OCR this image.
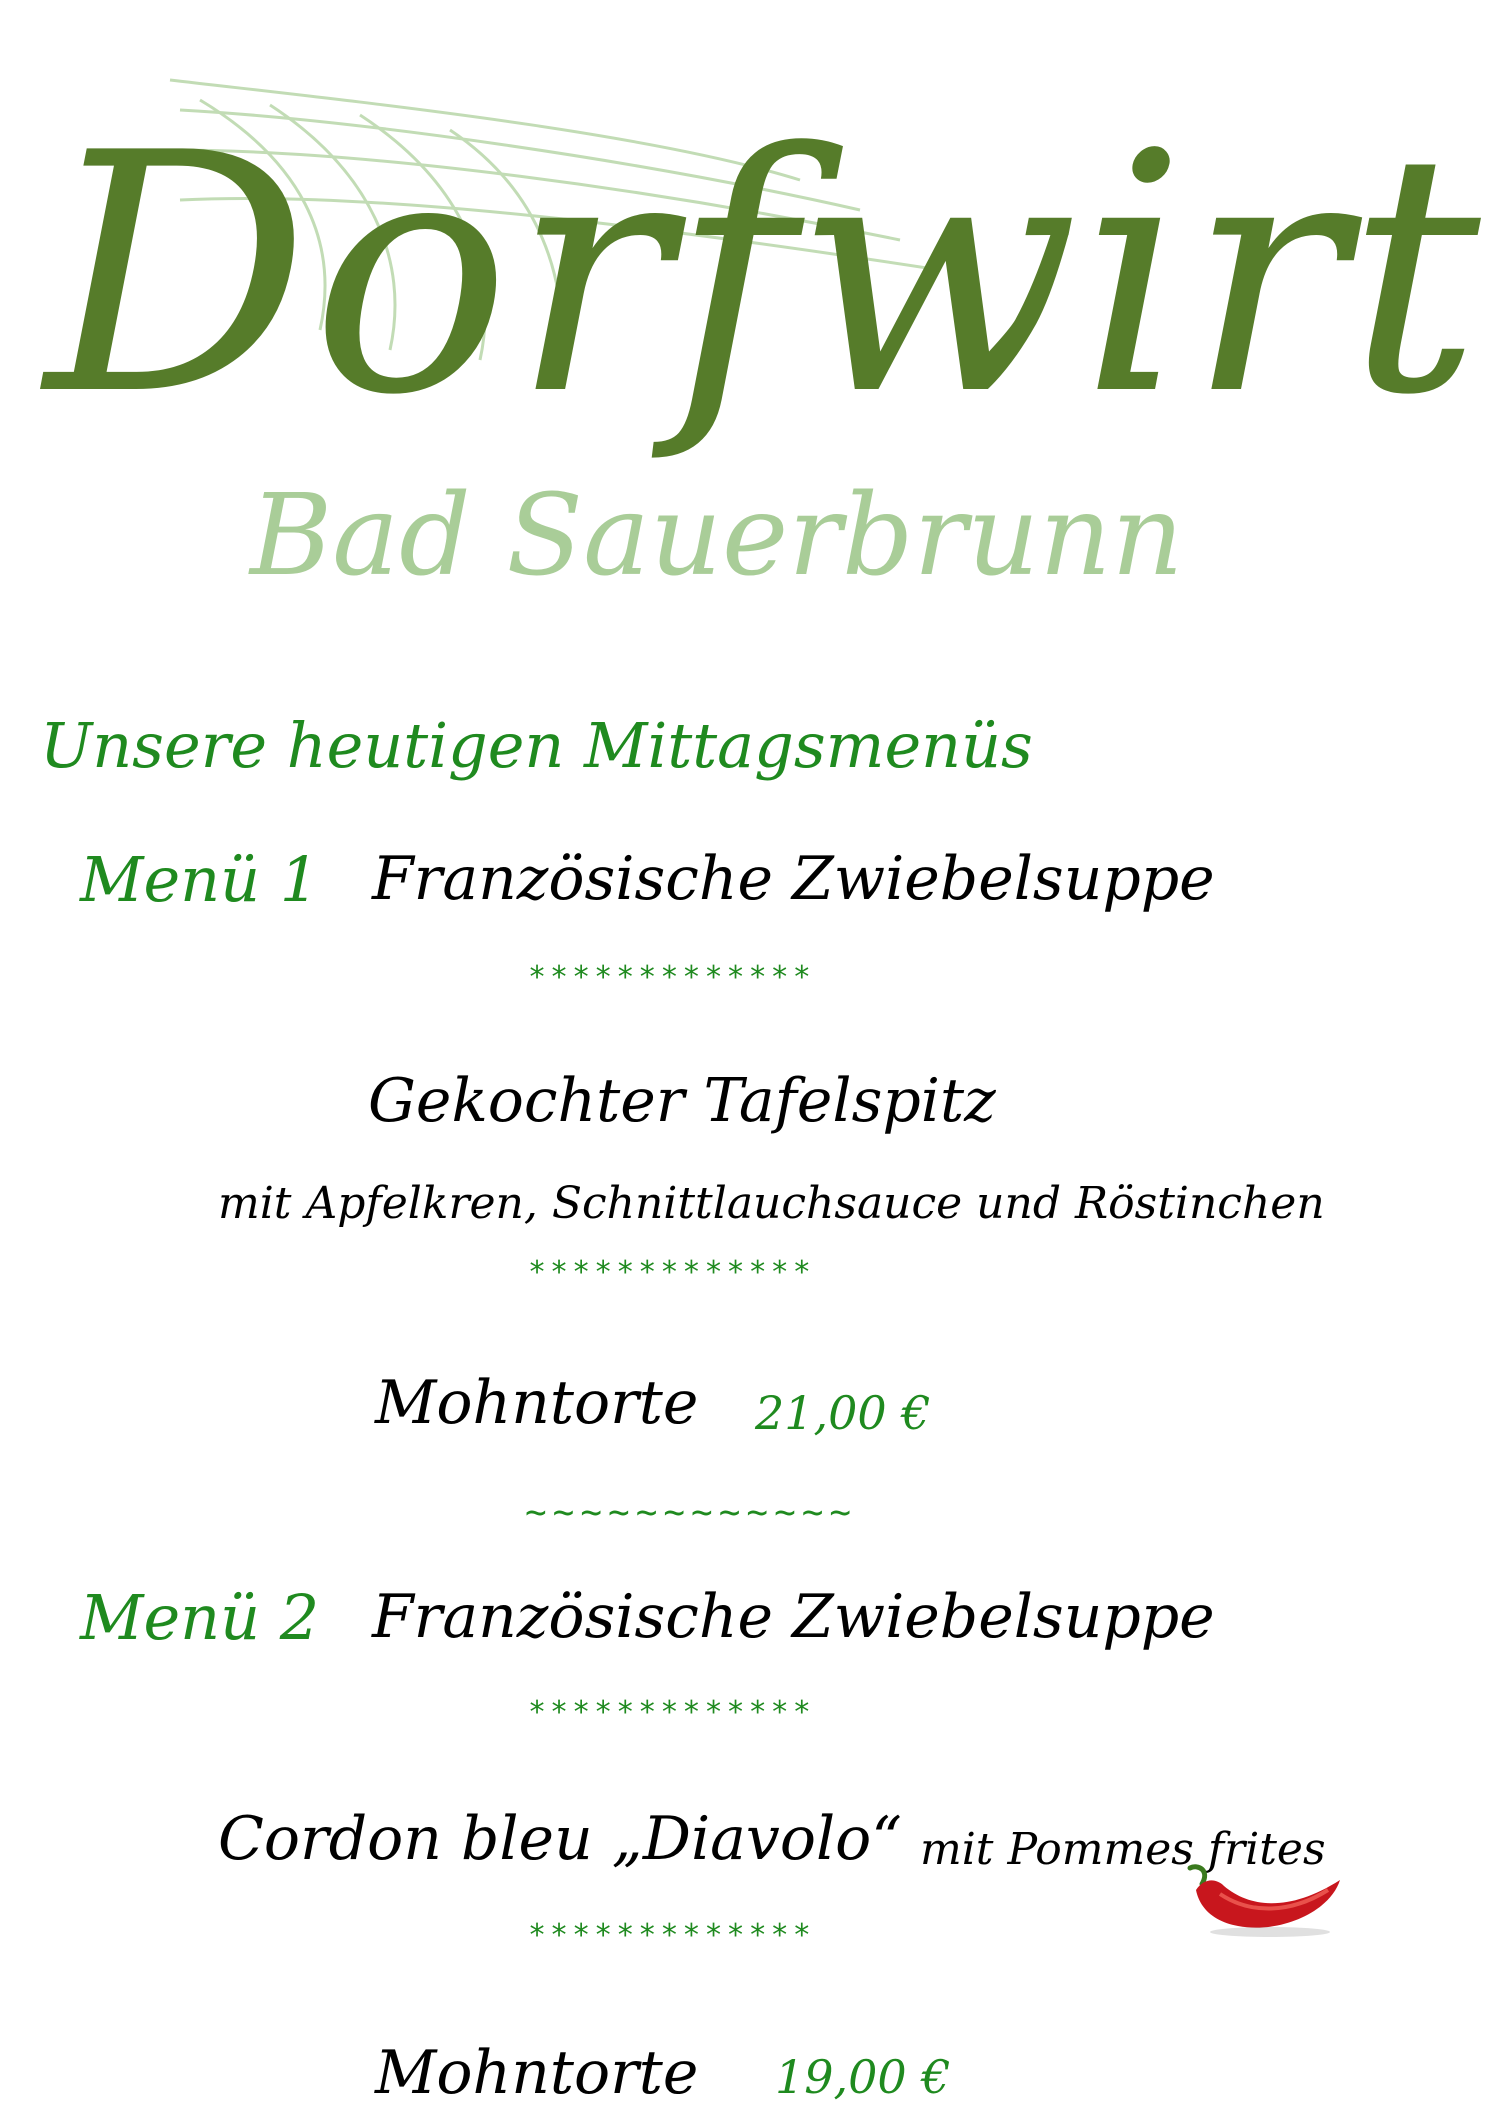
Dorfwirt
Bad Sauerbrunn
Unsere heutigen Mittagsmenüs
Menü 1 Französische Zwiebelsuppe
*************
Gekochter Tafelspitz
mit Apfelkren, Schnittlauchsauce und Röstinchen
*************
Mohntorte 21,00 €
~~~~~~~~~~~~
Menü 2 Französische Zwiebelsuppe
*************
Cordon bleu „Diavolo“ mit Pommes frites
*************
Mohntorte 19,00 €
